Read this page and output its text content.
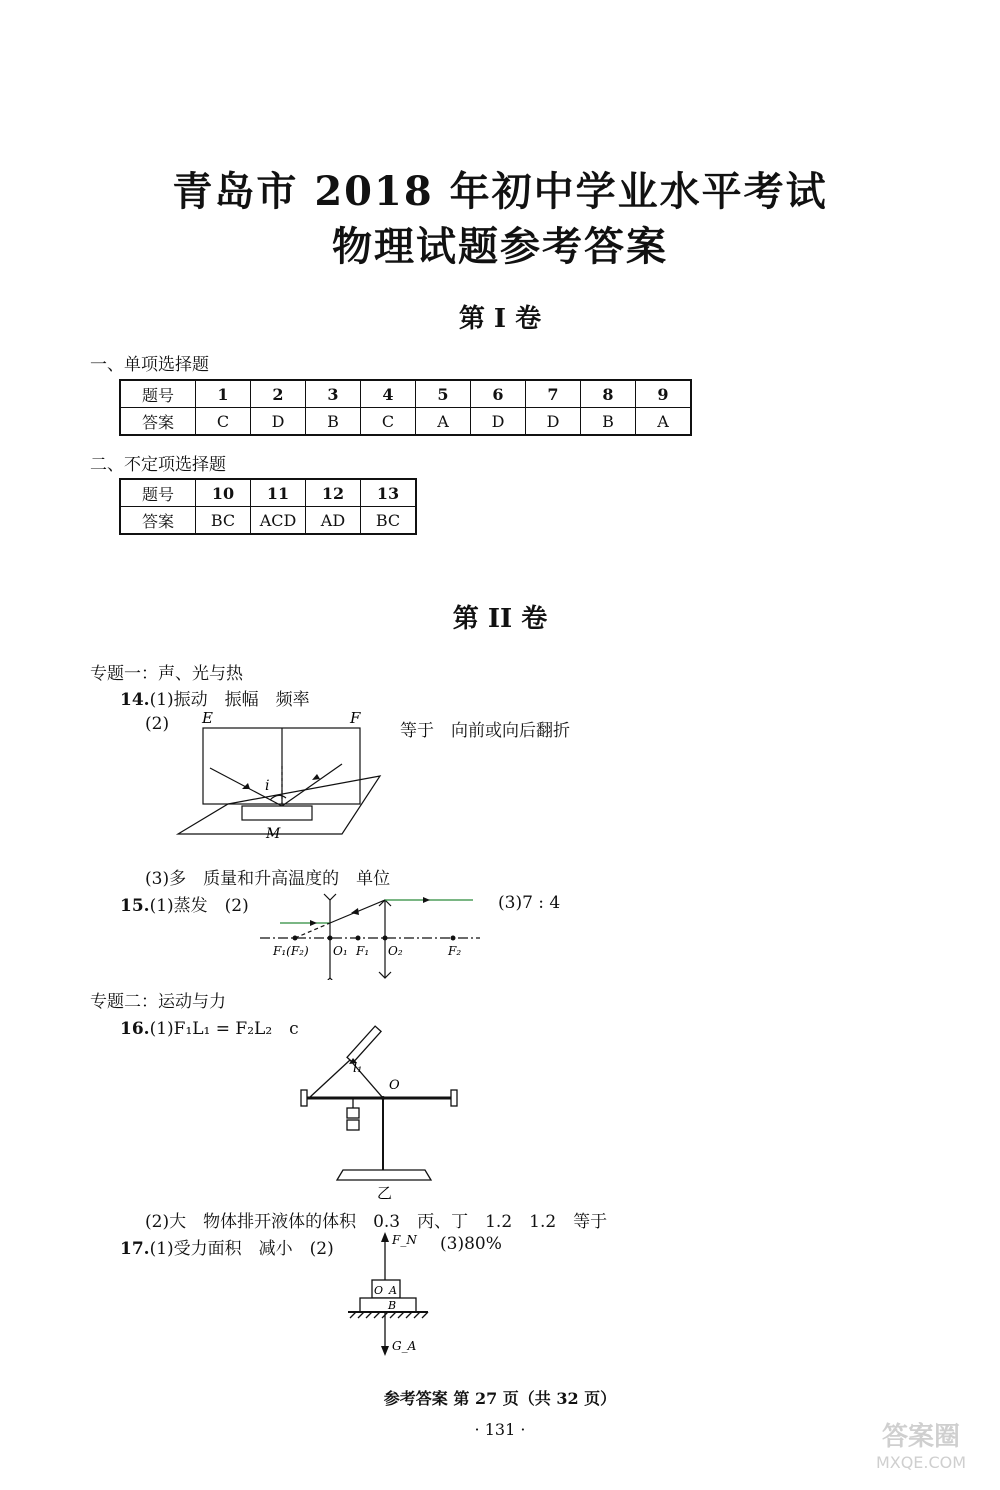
青岛市 2018 年初中学业水平考试
物理试题参考答案
第 I 卷
一、单项选择题
题号	1	2	3	4	5	6	7	8	9
答案	C	D	B	C	A	D	D	B	A
二、不定项选择题
题号	10	11	12	13
答案	BC	ACD	AD	BC
第 II 卷
专题一：声、光与热
14.(1)振动　振幅　频率
(2)	等于　向前或向后翻折
E	F
i
M
(3)多　质量和升高温度的　单位
15.(1)蒸发　(2)	(3)7 : 4
F₁(F₂) O₁ F₁ O₂	F₂
专题二：运动与力
16.(1)F₁L₁ = F₂L₂　c
l₁
O
乙
(2)大　物体排开液体的体积　0.3　丙、丁　1.2　1.2　等于
17.(1)受力面积　减小　(2)	(3)80%
F_N
O A
B
G_A
参考答案 第 27 页（共 32 页）
· 131 ·	答案圈
MXQE.COM
